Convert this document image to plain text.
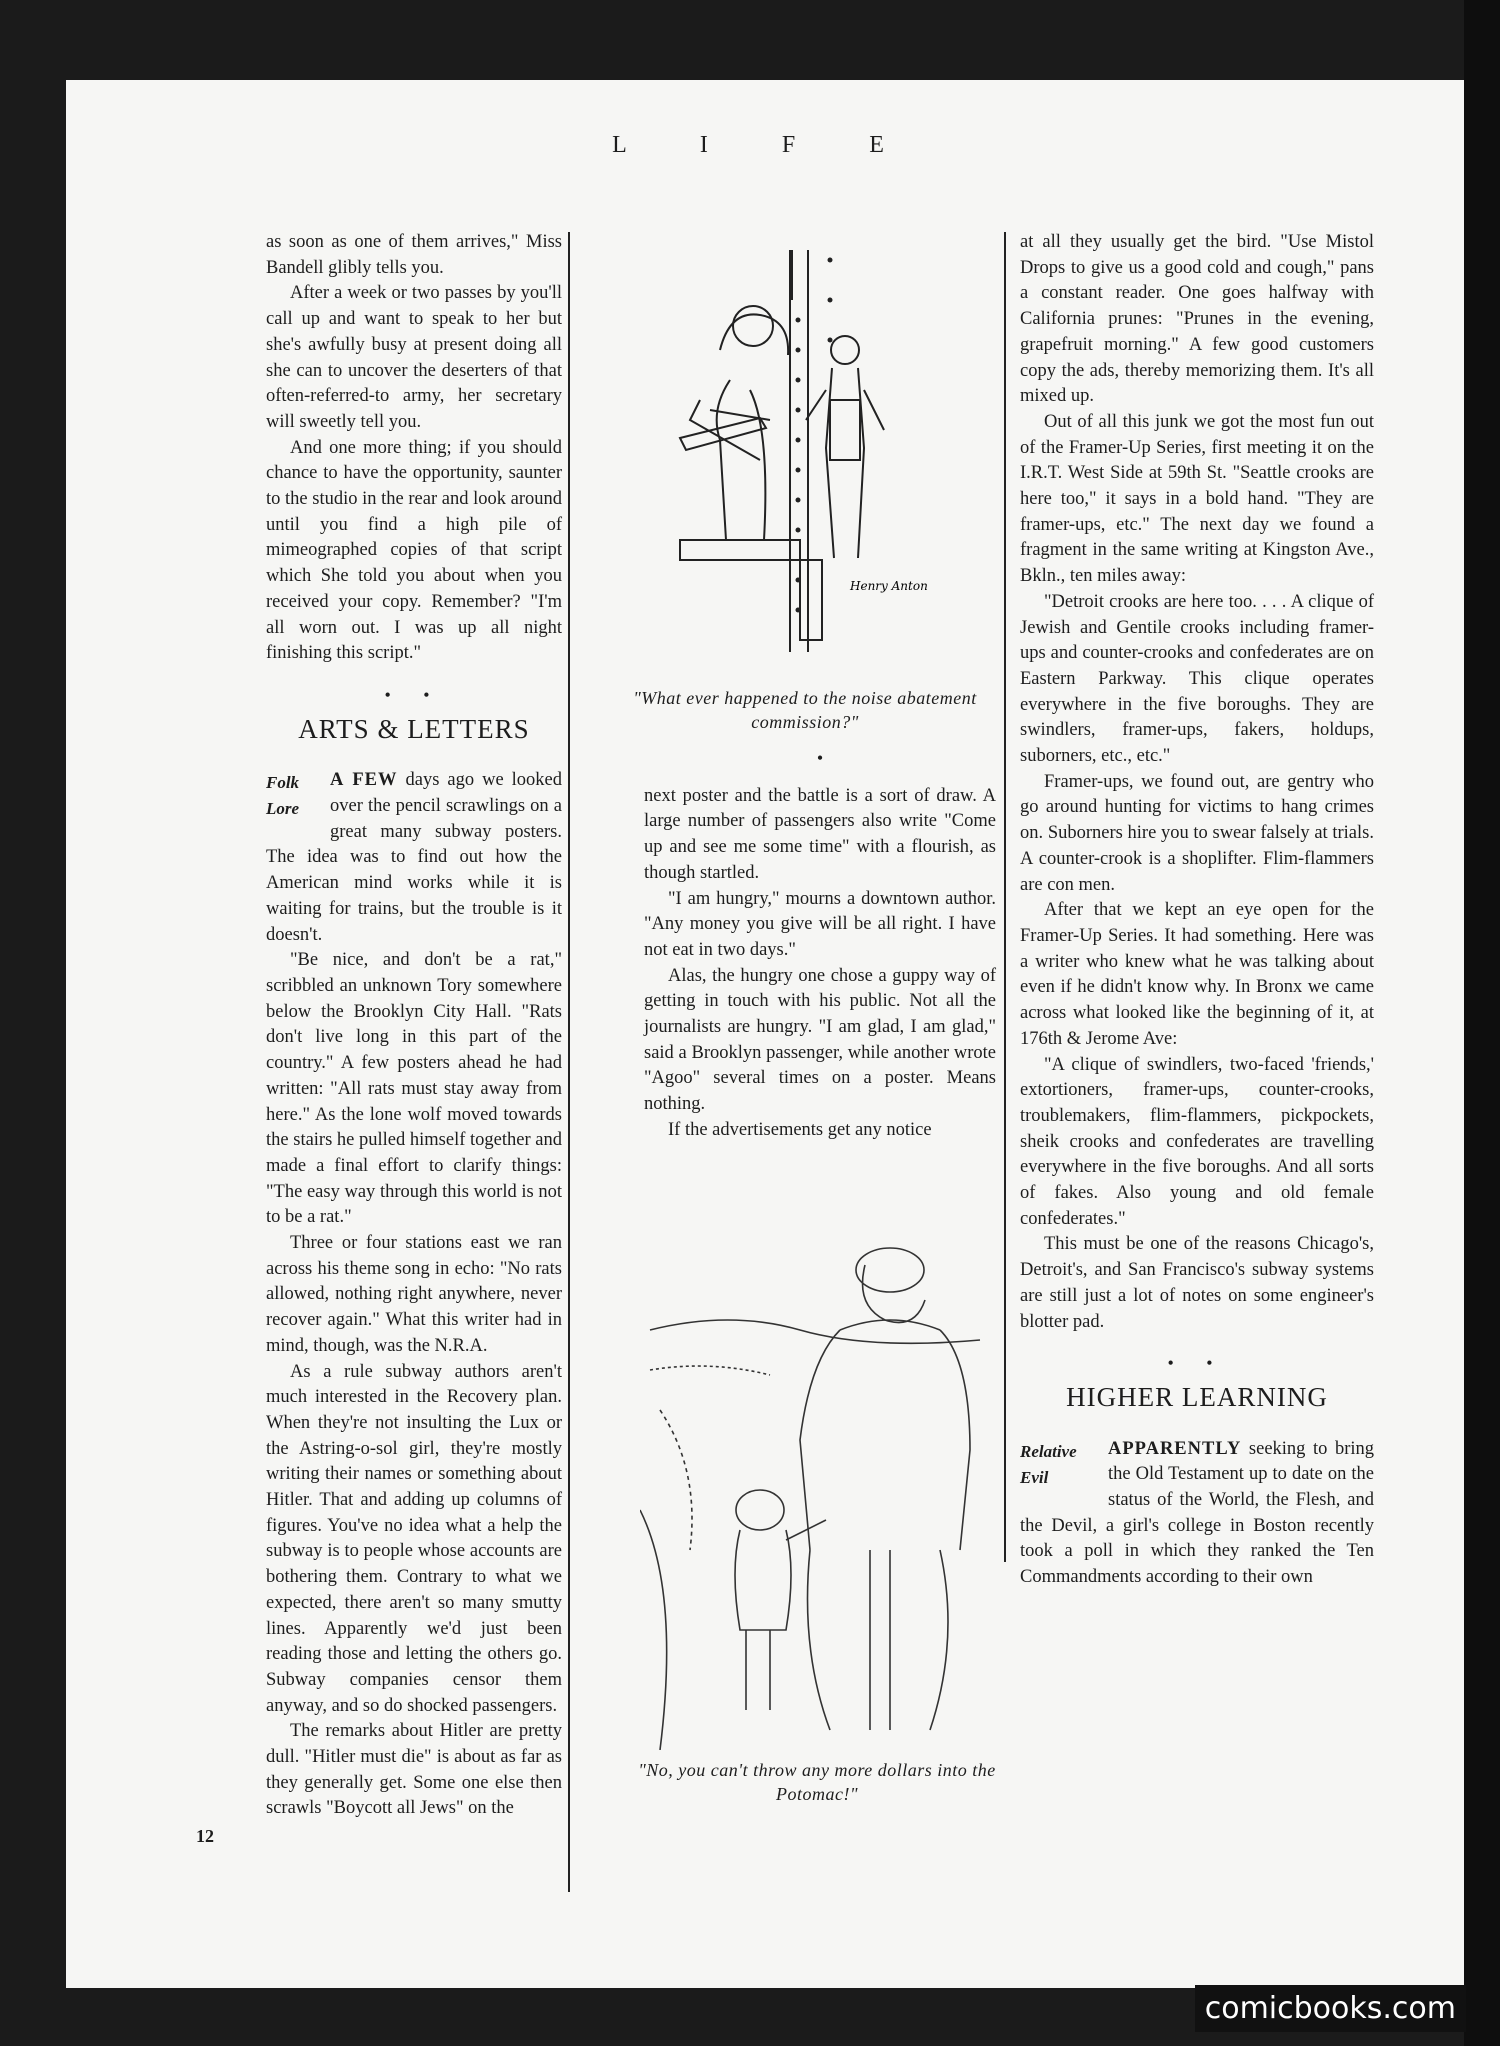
L I F E

as soon as one of them arrives," Miss Bandell glibly tells you.

After a week or two passes by you'll call up and want to speak to her but she's awfully busy at present doing all she can to uncover the deserters of that often-referred-to army, her secretary will sweetly tell you.

And one more thing; if you should chance to have the opportunity, saunter to the studio in the rear and look around until you find a high pile of mimeographed copies of that script which She told you about when you received your copy. Remember? "I'm all worn out. I was up all night finishing this script."

• •
ARTS & LETTERS
Folk
Lore

A FEW days ago we looked over the pencil scrawlings on a great many subway posters. The idea was to find out how the American mind works while it is waiting for trains, but the trouble is it doesn't.

"Be nice, and don't be a rat," scribbled an unknown Tory somewhere below the Brooklyn City Hall. "Rats don't live long in this part of the country." A few posters ahead he had written: "All rats must stay away from here." As the lone wolf moved towards the stairs he pulled himself together and made a final effort to clarify things: "The easy way through this world is not to be a rat."

Three or four stations east we ran across his theme song in echo: "No rats allowed, nothing right anywhere, never recover again." What this writer had in mind, though, was the N.R.A.

As a rule subway authors aren't much interested in the Recovery plan. When they're not insulting the Lux or the Astring-o-sol girl, they're mostly writing their names or something about Hitler. That and adding up columns of figures. You've no idea what a help the subway is to people whose accounts are bothering them. Contrary to what we expected, there aren't so many smutty lines. Apparently we'd just been reading those and letting the others go. Subway companies censor them anyway, and so do shocked passengers.

The remarks about Hitler are pretty dull. "Hitler must die" is about as far as they generally get. Some one else then scrawls "Boycott all Jews" on the

Henry Anton
"What ever happened to the noise abatement commission?"
•

next poster and the battle is a sort of draw. A large number of passengers also write "Come up and see me some time" with a flourish, as though startled.

"I am hungry," mourns a downtown author. "Any money you give will be all right. I have not eat in two days."

Alas, the hungry one chose a guppy way of getting in touch with his public. Not all the journalists are hungry. "I am glad, I am glad," said a Brooklyn passenger, while another wrote "Agoo" several times on a poster. Means nothing.

If the advertisements get any notice

"No, you can't throw any more dollars into the Potomac!"

at all they usually get the bird. "Use Mistol Drops to give us a good cold and cough," pans a constant reader. One goes halfway with California prunes: "Prunes in the evening, grapefruit morning." A few good customers copy the ads, thereby memorizing them. It's all mixed up.

Out of all this junk we got the most fun out of the Framer-Up Series, first meeting it on the I.R.T. West Side at 59th St. "Seattle crooks are here too," it says in a bold hand. "They are framer-ups, etc." The next day we found a fragment in the same writing at Kingston Ave., Bkln., ten miles away:

"Detroit crooks are here too. . . . A clique of Jewish and Gentile crooks including framer-ups and counter-crooks and confederates are on Eastern Parkway. This clique operates everywhere in the five boroughs. They are swindlers, framer-ups, fakers, holdups, suborners, etc., etc."

Framer-ups, we found out, are gentry who go around hunting for victims to hang crimes on. Suborners hire you to swear falsely at trials. A counter-crook is a shoplifter. Flim-flammers are con men.

After that we kept an eye open for the Framer-Up Series. It had something. Here was a writer who knew what he was talking about even if he didn't know why. In Bronx we came across what looked like the beginning of it, at 176th & Jerome Ave:

"A clique of swindlers, two-faced 'friends,' extortioners, framer-ups, counter-crooks, troublemakers, flim-flammers, pickpockets, sheik crooks and confederates are travelling everywhere in the five boroughs. And all sorts of fakes. Also young and old female confederates."

This must be one of the reasons Chicago's, Detroit's, and San Francisco's subway systems are still just a lot of notes on some engineer's blotter pad.

• •
HIGHER LEARNING
Relative
Evil

APPARENTLY seeking to bring the Old Testament up to date on the status of the World, the Flesh, and the Devil, a girl's college in Boston recently took a poll in which they ranked the Ten Commandments according to their own

12
comicbooks.com
